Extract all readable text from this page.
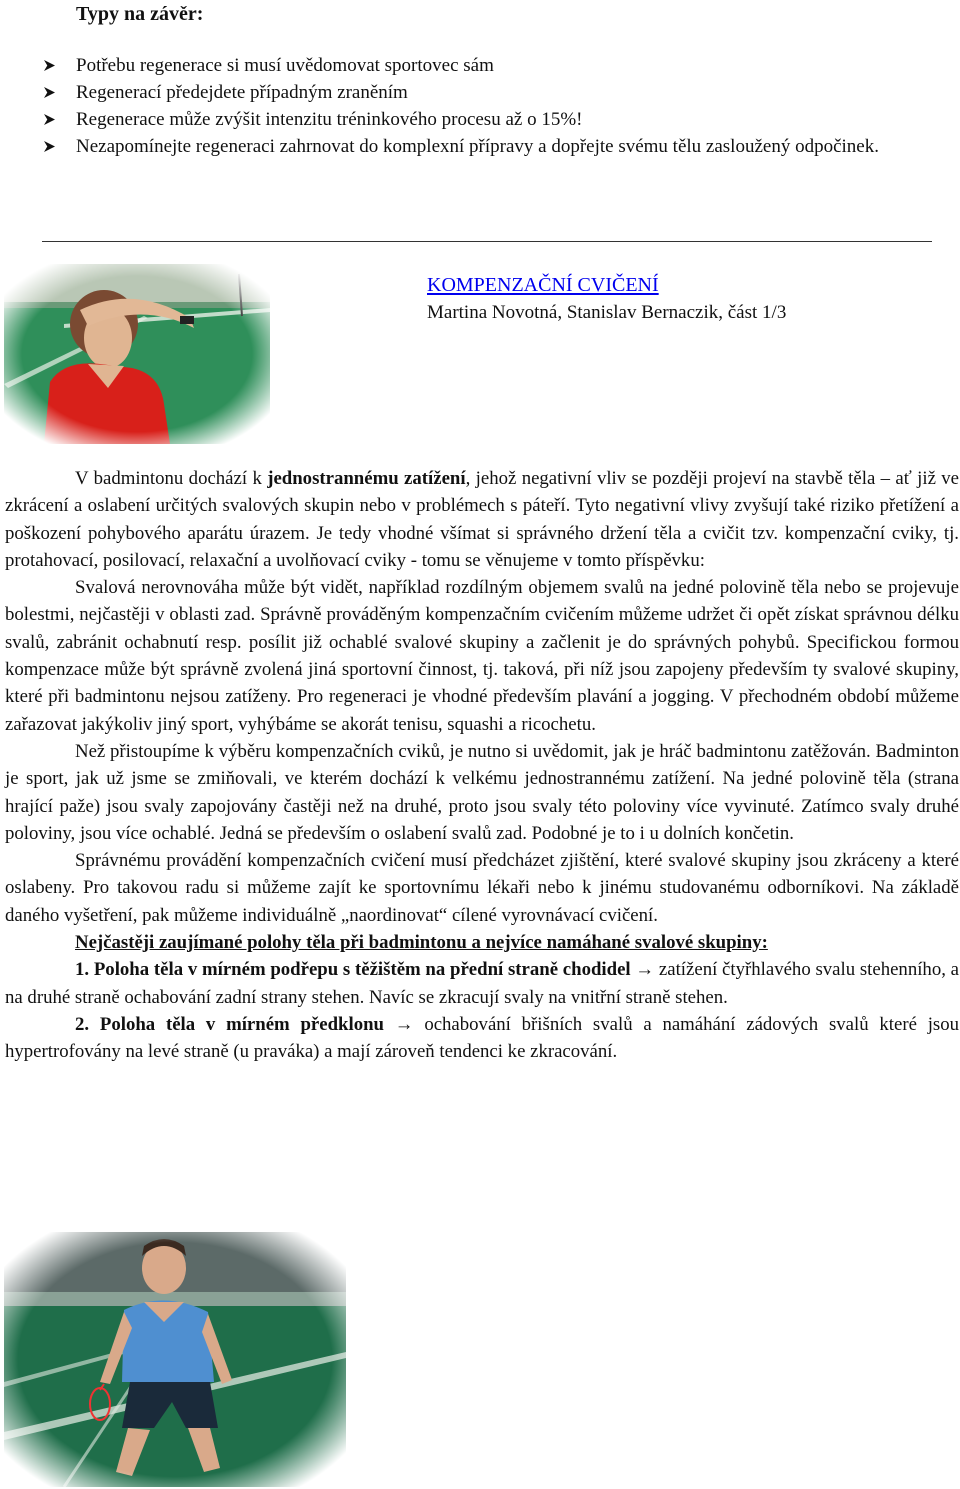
Typy na závěr:
Potřebu regenerace si musí uvědomovat sportovec sám
Regenerací předejdete případným zraněním
Regenerace může zvýšit intenzitu tréninkového procesu až o 15%!
Nezapomínejte regeneraci zahrnovat do komplexní přípravy a dopřejte svému tělu zasloužený odpočinek.
KOMPENZAČNÍ CVIČENÍ
Martina Novotná, Stanislav Bernaczik, část 1/3

V badmintonu dochází k jednostrannému zatížení, jehož negativní vliv se později projeví na stavbě těla – ať již ve zkrácení a oslabení určitých svalových skupin nebo v problémech s páteří. Tyto negativní vlivy zvyšují také riziko přetížení a poškození pohybového aparátu úrazem. Je tedy vhodné všímat si správného držení těla a cvičit tzv. kompenzační cviky, tj. protahovací, posilovací, relaxační a uvolňovací cviky - tomu se věnujeme v tomto příspěvku:

Svalová nerovnováha může být vidět, například rozdílným objemem svalů na jedné polovině těla nebo se projevuje bolestmi, nejčastěji v oblasti zad. Správně prováděným kompenzačním cvičením můžeme udržet či opět získat správnou délku svalů, zabránit ochabnutí resp. posílit již ochablé svalové skupiny a začlenit je do správných pohybů. Specifickou formou kompenzace může být správně zvolená jiná sportovní činnost, tj. taková, při níž jsou zapojeny především ty svalové skupiny, které při badmintonu nejsou zatíženy. Pro regeneraci je vhodné především plavání a jogging. V přechodném období můžeme zařazovat jakýkoliv jiný sport, vyhýbáme se akorát tenisu, squashi a ricochetu.

Než přistoupíme k výběru kompenzačních cviků, je nutno si uvědomit, jak je hráč badmintonu zatěžován. Badminton je sport, jak už jsme se zmiňovali, ve kterém dochází k velkému jednostrannému zatížení. Na jedné polovině těla (strana hrající paže) jsou svaly zapojovány častěji než na druhé, proto jsou svaly této poloviny více vyvinuté. Zatímco svaly druhé poloviny, jsou více ochablé. Jedná se především o oslabení svalů zad. Podobné je to i u dolních končetin.

Správnému provádění kompenzačních cvičení musí předcházet zjištění, které svalové skupiny jsou zkráceny a které oslabeny. Pro takovou radu si můžeme zajít ke sportovnímu lékaři nebo k jinému studovanému odborníkovi. Na základě daného vyšetření, pak můžeme individuálně „naordinovat“ cílené vyrovnávací cvičení.

Nejčastěji zaujímané polohy těla při badmintonu a nejvíce namáhané svalové skupiny:

1. Poloha těla v mírném podřepu s těžištěm na přední straně chodidel → zatížení čtyřhlavého svalu stehenního, a na druhé straně ochabování zadní strany stehen. Navíc se zkracují svaly na vnitřní straně stehen.

2. Poloha těla v mírném předklonu → ochabování břišních svalů a namáhání zádových svalů které jsou hypertrofovány na levé straně (u praváka) a mají zároveň tendenci ke zkracování.
